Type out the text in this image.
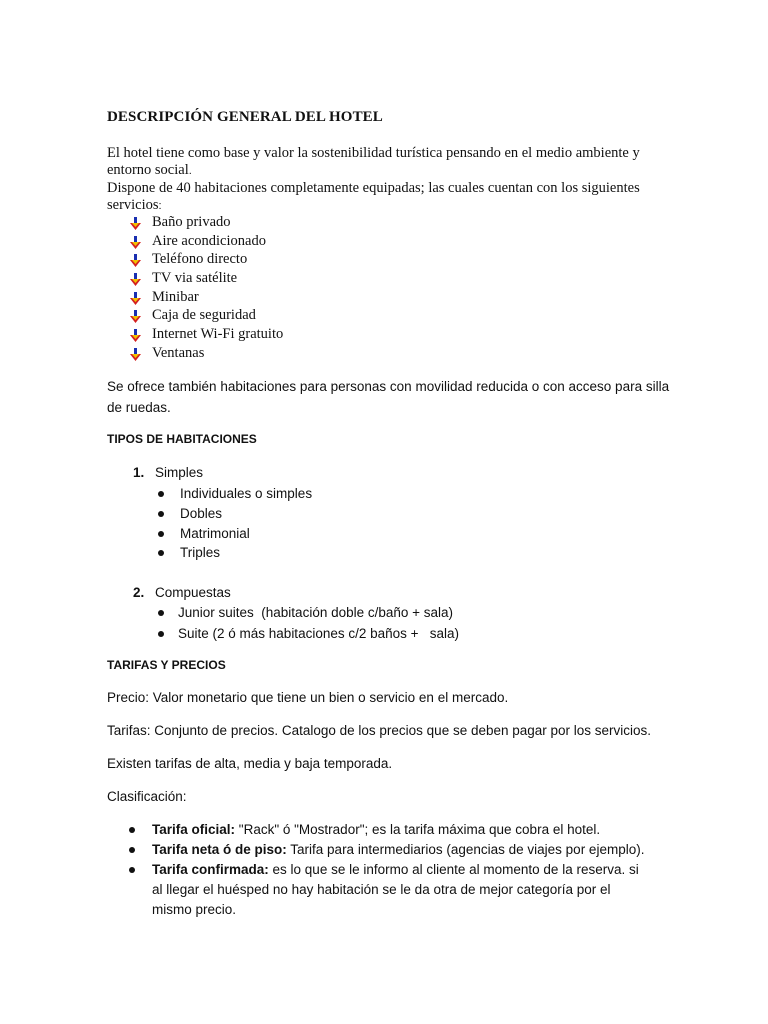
DESCRIPCIÓN GENERAL DEL HOTEL
El hotel tiene como base y valor la sostenibilidad turística pensando en el medio ambiente y entorno social.
Dispone de 40 habitaciones completamente equipadas; las cuales cuentan con los siguientes servicios:
Baño privado
Aire acondicionado
Teléfono directo
TV via satélite
Minibar
Caja de seguridad
Internet Wi-Fi gratuito
Ventanas
Se ofrece también habitaciones para personas con movilidad reducida o con acceso para silla de ruedas.
TIPOS DE HABITACIONES
1. Simples
Individuales o simples
Dobles
Matrimonial
Triples
2. Compuestas
Junior suites  (habitación doble c/baño + sala)
Suite (2 ó más habitaciones c/2 baños +   sala)
TARIFAS Y PRECIOS
Precio: Valor monetario que tiene un bien o servicio en el mercado.
Tarifas: Conjunto de precios. Catalogo de los precios que se deben pagar por los servicios.
Existen tarifas de alta, media y baja temporada.
Clasificación:
Tarifa oficial: "Rack" ó "Mostrador"; es la tarifa máxima que cobra el hotel.
Tarifa neta ó de piso: Tarifa para intermediarios (agencias de viajes por ejemplo).
Tarifa confirmada: es lo que se le informo al cliente al momento de la reserva. si al llegar el huésped no hay habitación se le da otra de mejor categoría por el mismo precio.
